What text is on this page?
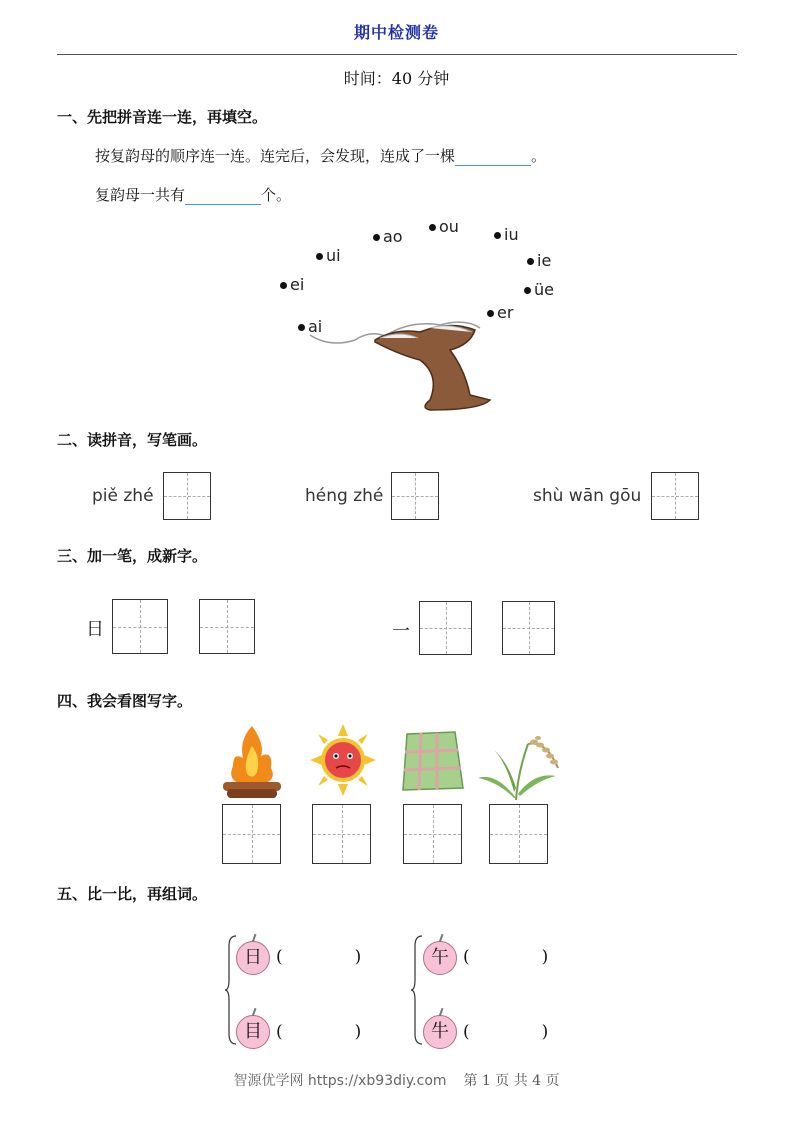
期中检测卷
时间：40 分钟
一、先把拼音连一连，再填空。
按复韵母的顺序连一连。连完后，会发现，连成了一棵	。
复韵母一共有	个。
ao
ou	iu
ui	ie
ei	üe
er
ai
二、读拼音，写笔画。
piě zhé	héng zhé	shù wān gōu
三、加一笔，成新字。
日	一
四、我会看图写字。
五、比一比，再组词。
日 (	)
目 (	)
午 (	)
牛 (	)
智源优学网 https://xb93diy.com 第 1 页 共 4 页
